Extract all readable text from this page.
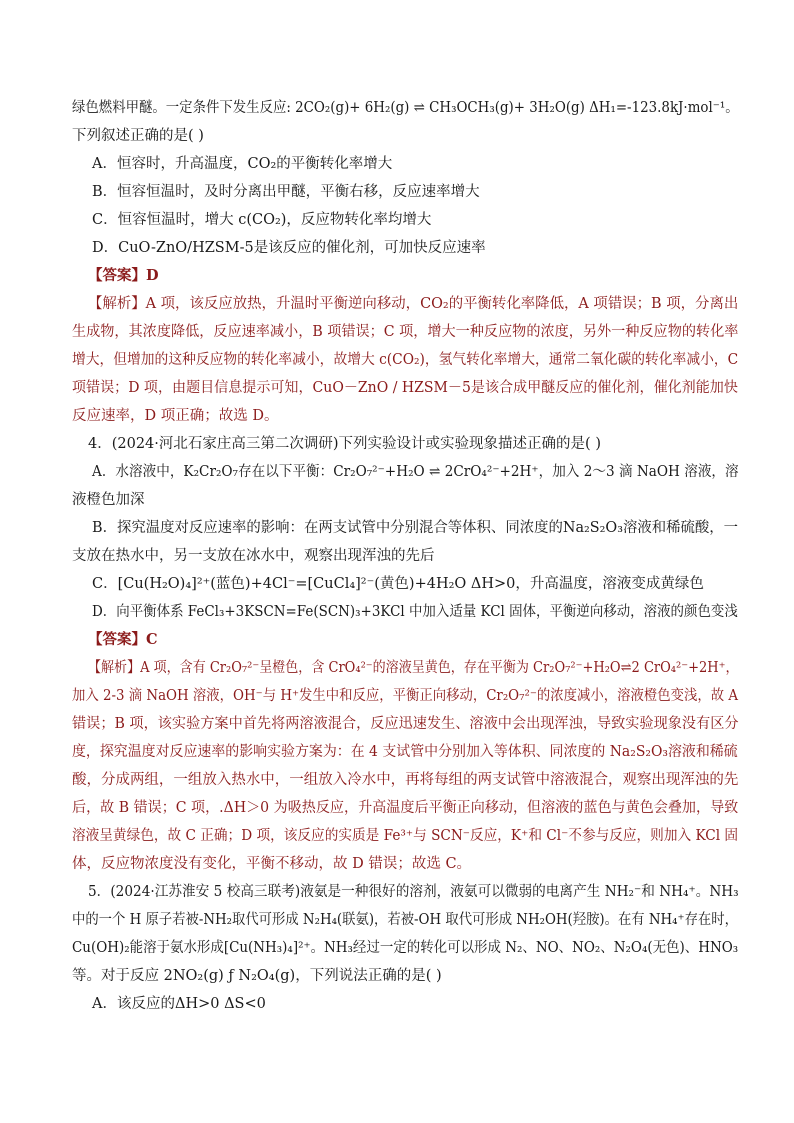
绿色燃料甲醚。一定条件下发生反应: 2CO₂(g)+ 6H₂(g) ⇌ CH₃OCH₃(g)+ 3H₂O(g) ΔH₁=-123.8kJ·mol⁻¹。
下列叙述正确的是( )
A．恒容时，升高温度，CO₂的平衡转化率增大
B．恒容恒温时，及时分离出甲醚，平衡右移，反应速率增大
C．恒容恒温时，增大 c(CO₂)，反应物转化率均增大
D．CuO-ZnO/HZSM-5是该反应的催化剂，可加快反应速率
【答案】D
【解析】A 项，该反应放热，升温时平衡逆向移动，CO₂的平衡转化率降低，A 项错误；B 项，分离出
生成物，其浓度降低，反应速率减小，B 项错误；C 项，增大一种反应物的浓度，另外一种反应物的转化率
增大，但增加的这种反应物的转化率减小，故增大 c(CO₂)，氢气转化率增大，通常二氧化碳的转化率减小，C
项错误；D 项，由题目信息提示可知，CuO－ZnO / HZSM－5是该合成甲醚反应的催化剂，催化剂能加快
反应速率，D 项正确；故选 D。
4．(2024·河北石家庄高三第二次调研)下列实验设计或实验现象描述正确的是( )
A．水溶液中，K₂Cr₂O₇存在以下平衡：Cr₂O₇²⁻+H₂O ⇌ 2CrO₄²⁻+2H⁺，加入 2～3 滴 NaOH 溶液，溶
液橙色加深
B．探究温度对反应速率的影响：在两支试管中分别混合等体积、同浓度的Na₂S₂O₃溶液和稀硫酸，一
支放在热水中，另一支放在冰水中，观察出现浑浊的先后
C．[Cu(H₂O)₄]²⁺(蓝色)+4Cl⁻=[CuCl₄]²⁻(黄色)+4H₂O ΔH>0，升高温度，溶液变成黄绿色
D．向平衡体系 FeCl₃+3KSCN=Fe(SCN)₃+3KCl 中加入适量 KCl 固体，平衡逆向移动，溶液的颜色变浅
【答案】C
【解析】A 项，含有 Cr₂O₇²⁻呈橙色，含 CrO₄²⁻的溶液呈黄色，存在平衡为 Cr₂O₇²⁻+H₂O⇌2 CrO₄²⁻+2H⁺，
加入 2-3 滴 NaOH 溶液，OH⁻与 H⁺发生中和反应，平衡正向移动，Cr₂O₇²⁻的浓度减小，溶液橙色变浅，故 A
错误；B 项，该实验方案中首先将两溶液混合，反应迅速发生、溶液中会出现浑浊，导致实验现象没有区分
度，探究温度对反应速率的影响实验方案为：在 4 支试管中分别加入等体积、同浓度的 Na₂S₂O₃溶液和稀硫
酸，分成两组，一组放入热水中，一组放入冷水中，再将每组的两支试管中溶液混合，观察出现浑浊的先
后，故 B 错误；C 项，.ΔH＞0 为吸热反应，升高温度后平衡正向移动，但溶液的蓝色与黄色会叠加，导致
溶液呈黄绿色，故 C 正确；D 项，该反应的实质是 Fe³⁺与 SCN⁻反应，K⁺和 Cl⁻不参与反应，则加入 KCl 固
体，反应物浓度没有变化，平衡不移动，故 D 错误；故选 C。
5．(2024·江苏淮安 5 校高三联考)液氨是一种很好的溶剂，液氨可以微弱的电离产生 NH₂⁻和 NH₄⁺。NH₃
中的一个 H 原子若被-NH₂取代可形成 N₂H₄(联氨)，若被-OH 取代可形成 NH₂OH(羟胺)。在有 NH₄⁺存在时，
Cu(OH)₂能溶于氨水形成[Cu(NH₃)₄]²⁺。NH₃经过一定的转化可以形成 N₂、NO、NO₂、N₂O₄(无色)、HNO₃
等。对于反应 2NO₂(g) ƒ N₂O₄(g)，下列说法正确的是( )
A．该反应的ΔH>0 ΔS<0
